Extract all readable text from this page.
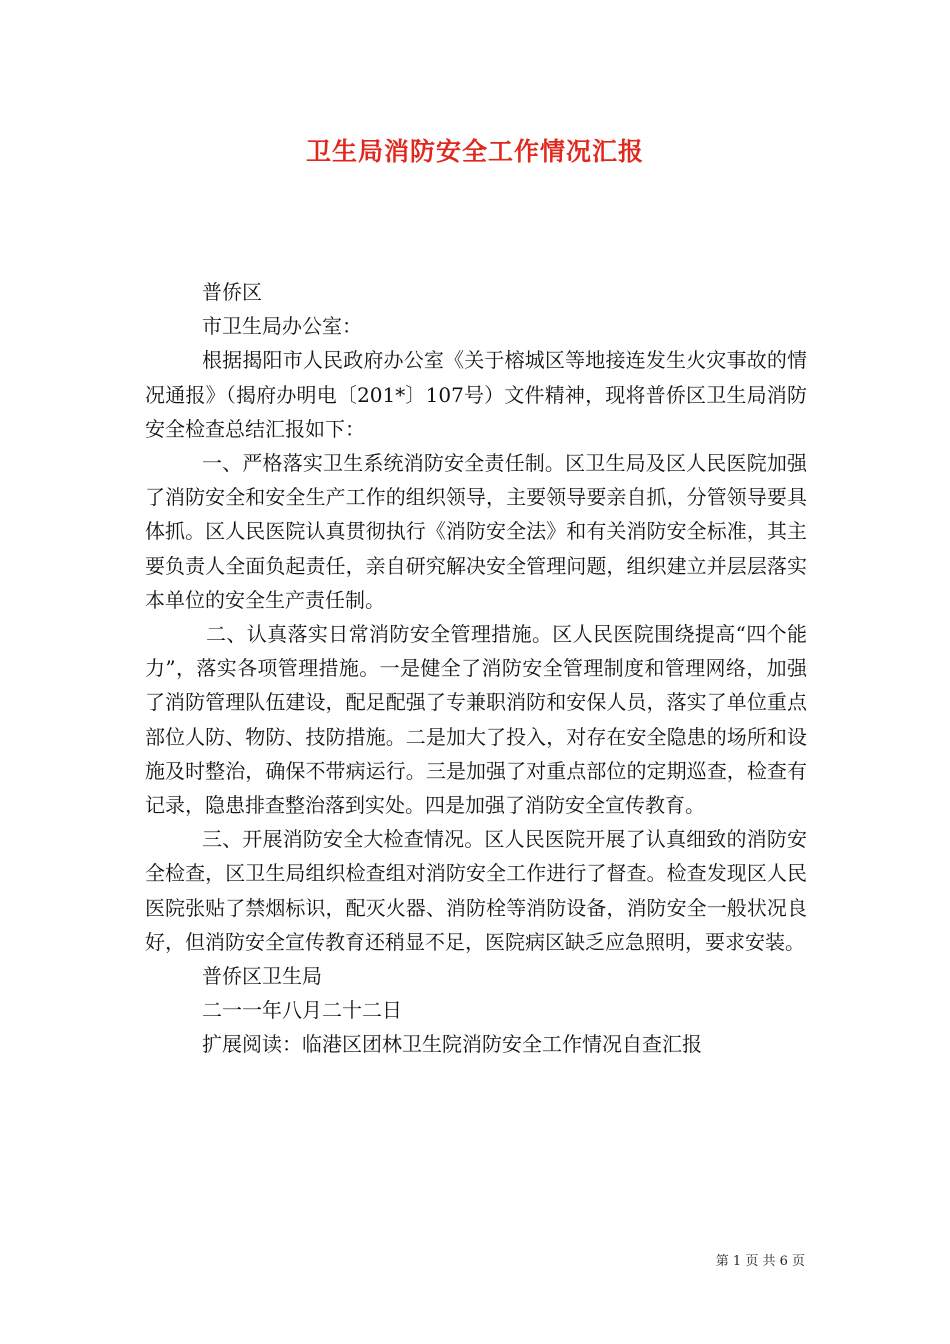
卫生局消防安全工作情况汇报

普侨区

市卫生局办公室：

根据揭阳市人民政府办公室《关于榕城区等地接连发生火灾事故的情况通报》（揭府办明电〔201*〕107号）文件精神，现将普侨区卫生局消防安全检查总结汇报如下：

一、严格落实卫生系统消防安全责任制。区卫生局及区人民医院加强了消防安全和安全生产工作的组织领导，主要领导要亲自抓，分管领导要具体抓。区人民医院认真贯彻执行《消防安全法》和有关消防安全标准，其主要负责人全面负起责任，亲自研究解决安全管理问题，组织建立并层层落实本单位的安全生产责任制。

二、认真落实日常消防安全管理措施。区人民医院围绕提高“四个能力”，落实各项管理措施。一是健全了消防安全管理制度和管理网络，加强了消防管理队伍建设，配足配强了专兼职消防和安保人员，落实了单位重点部位人防、物防、技防措施。二是加大了投入，对存在安全隐患的场所和设施及时整治，确保不带病运行。三是加强了对重点部位的定期巡查，检查有记录，隐患排查整治落到实处。四是加强了消防安全宣传教育。

三、开展消防安全大检查情况。区人民医院开展了认真细致的消防安全检查，区卫生局组织检查组对消防安全工作进行了督查。检查发现区人民医院张贴了禁烟标识，配灭火器、消防栓等消防设备，消防安全一般状况良好，但消防安全宣传教育还稍显不足，医院病区缺乏应急照明，要求安装。

普侨区卫生局

二一一年八月二十二日

扩展阅读：临港区团林卫生院消防安全工作情况自查汇报

第 1 页 共 6 页
